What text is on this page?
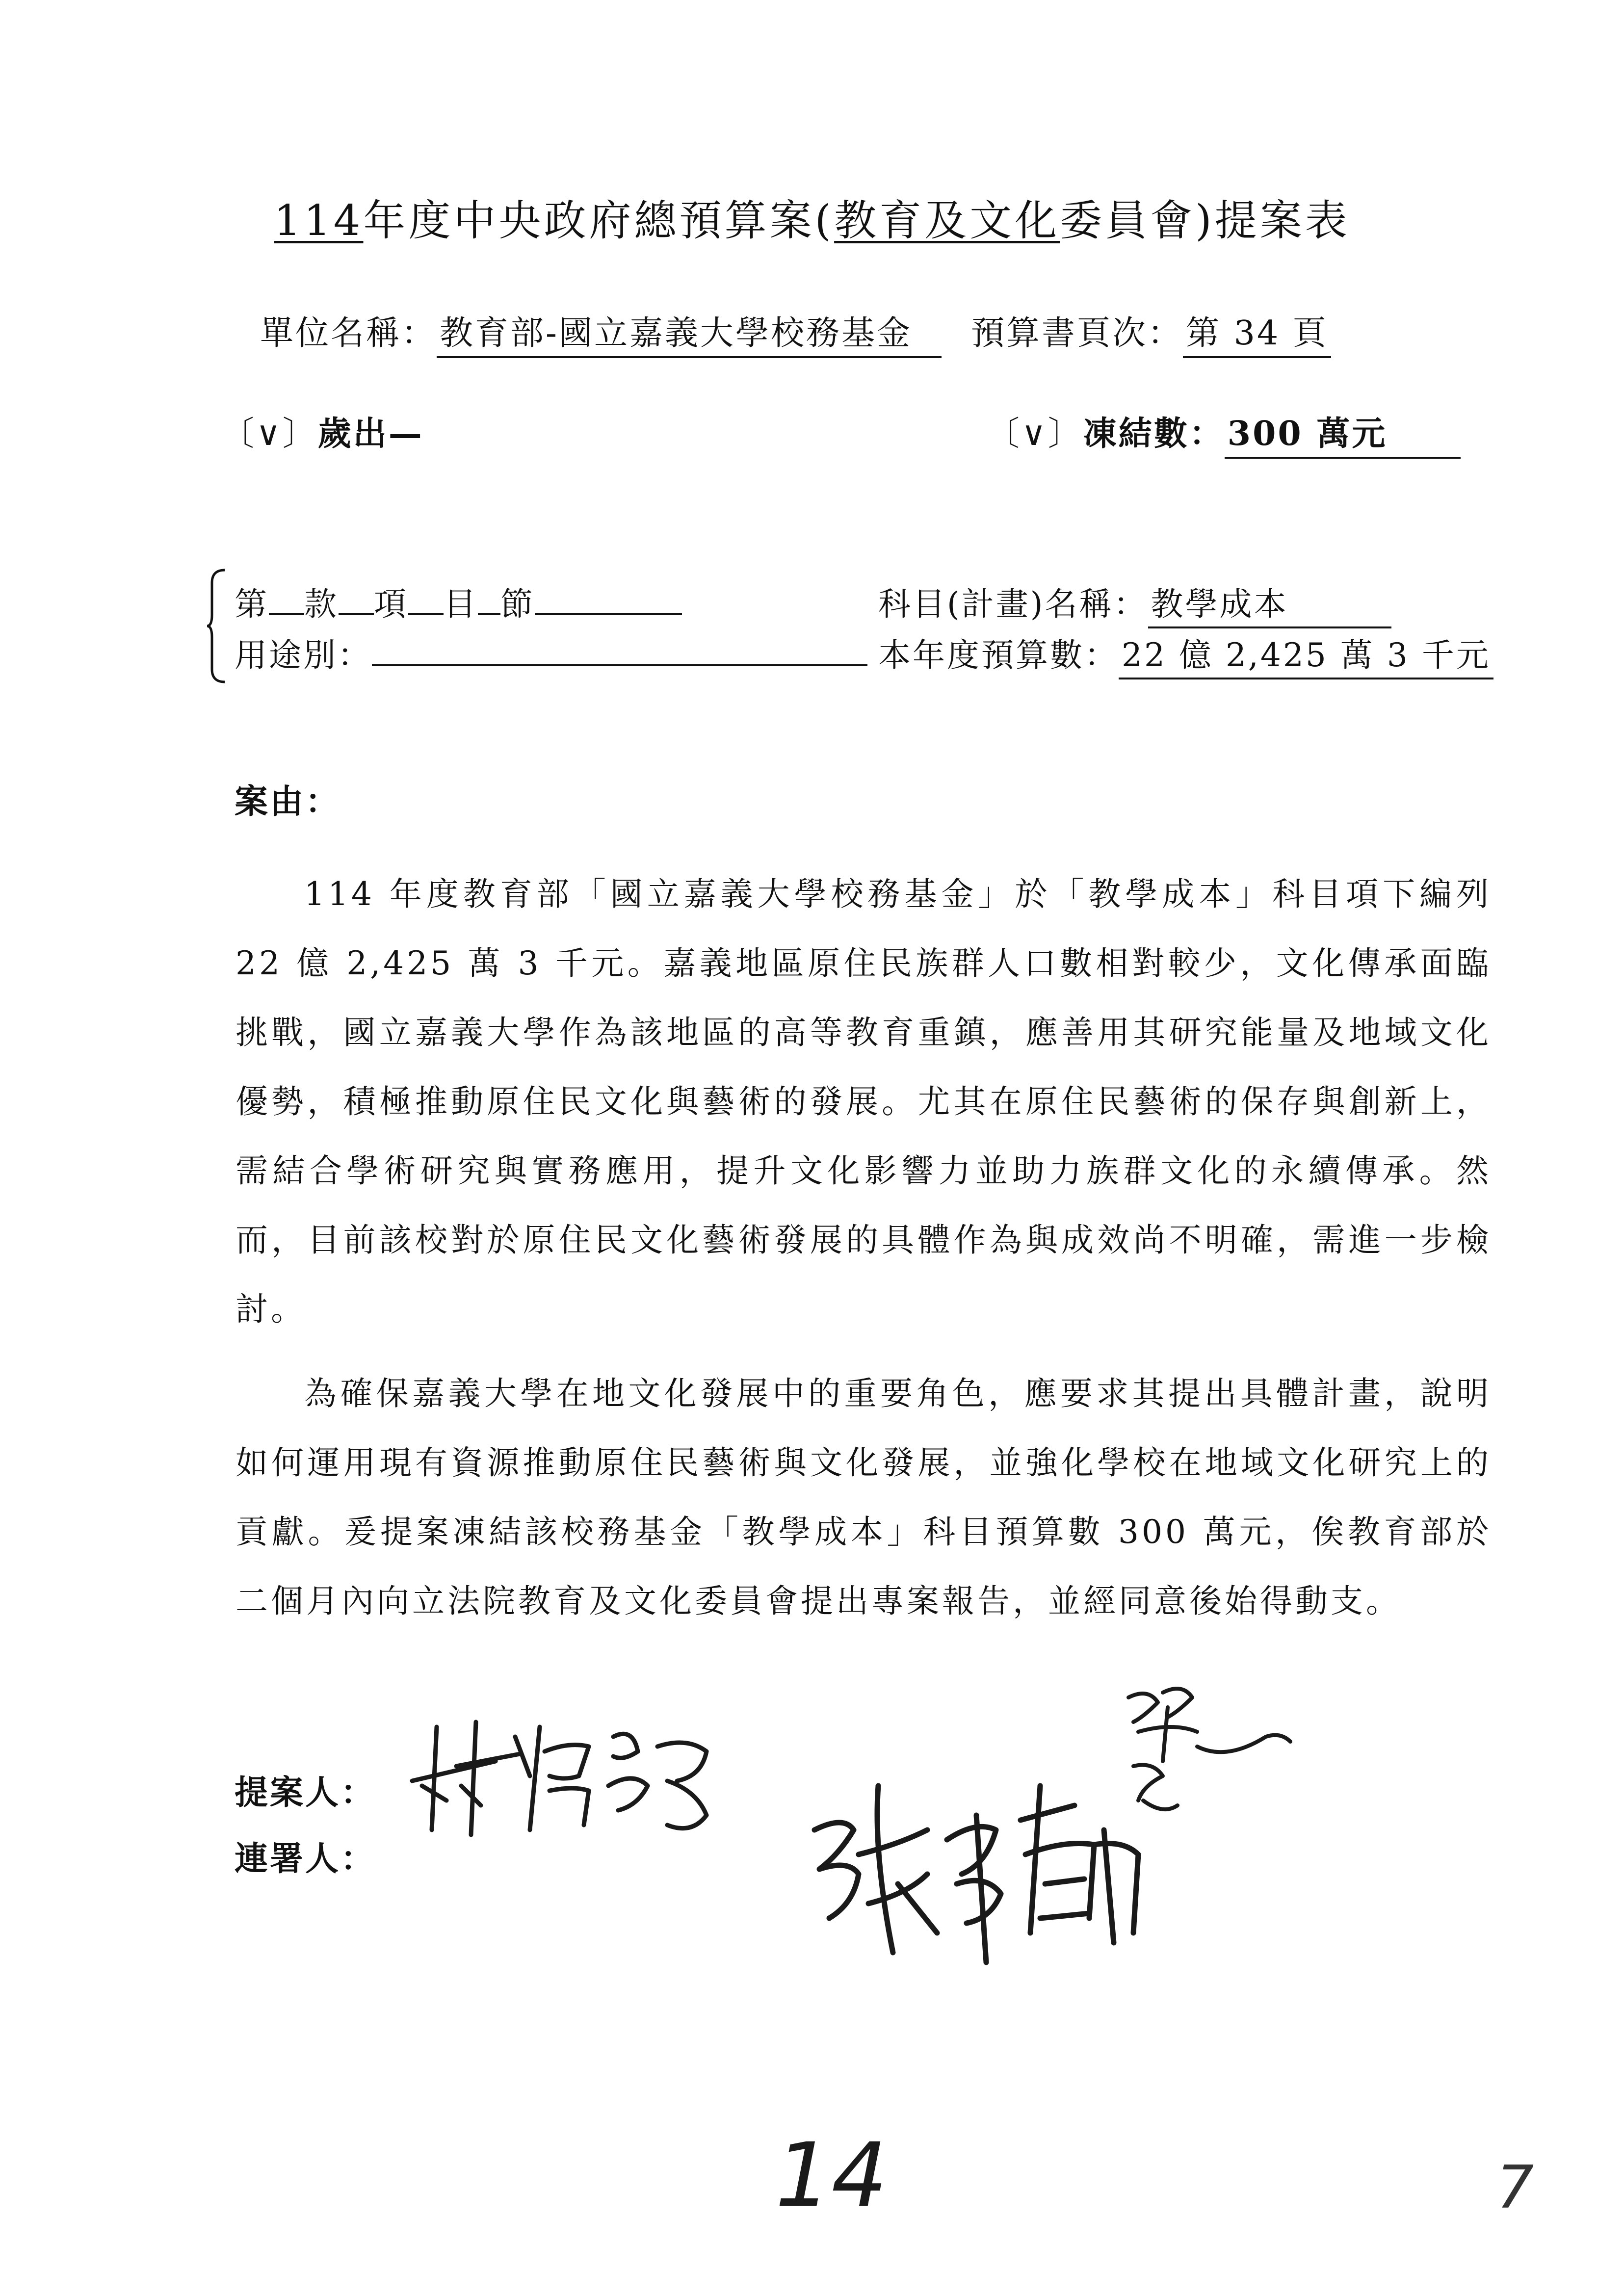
114年度中央政府總預算案(教育及文化委員會)提案表
單位名稱：教育部-國立嘉義大學校務基金 預算書頁次：第 34 頁
〔∨〕歲出—	〔∨〕凍結數：300 萬元
第 款 項 目 節	科目(計畫)名稱：教學成本
用途別：	本年度預算數：22 億 2,425 萬 3 千元
案由：
114 年度教育部「國立嘉義大學校務基金」於「教學成本」科目項下編列 22 億 2,425 萬 3 千元。嘉義地區原住民族群人口數相對較少，文化傳承面臨挑戰，國立嘉義大學作為該地區的高等教育重鎮，應善用其研究能量及地域文化優勢，積極推動原住民文化與藝術的發展。尤其在原住民藝術的保存與創新上，需結合學術研究與實務應用，提升文化影響力並助力族群文化的永續傳承。然而，目前該校對於原住民文化藝術發展的具體作為與成效尚不明確，需進一步檢討。
為確保嘉義大學在地文化發展中的重要角色，應要求其提出具體計畫，說明如何運用現有資源推動原住民藝術與文化發展，並強化學校在地域文化研究上的貢獻。爰提案凍結該校務基金「教學成本」科目預算數 300 萬元，俟教育部於二個月內向立法院教育及文化委員會提出專案報告，並經同意後始得動支。
提案人：
連署人：
14	7
